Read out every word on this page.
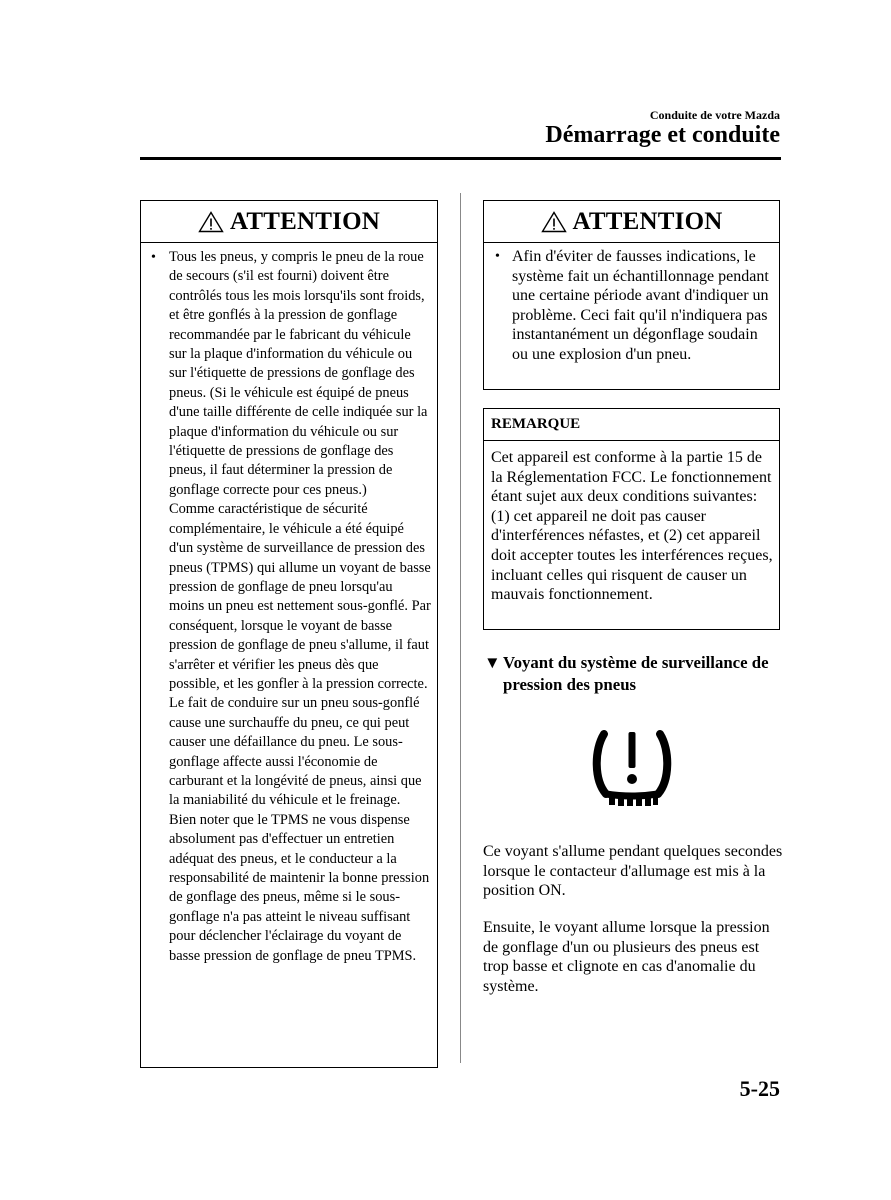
Conduite de votre Mazda
Démarrage et conduite
ATTENTION
• Tous les pneus, y compris le pneu de la roue de secours (s'il est fourni) doivent être contrôlés tous les mois lorsqu'ils sont froids, et être gonflés à la pression de gonflage recommandée par le fabricant du véhicule sur la plaque d'information du véhicule ou sur l'étiquette de pressions de gonflage des pneus. (Si le véhicule est équipé de pneus d'une taille différente de celle indiquée sur la plaque d'information du véhicule ou sur l'étiquette de pressions de gonflage des pneus, il faut déterminer la pression de gonflage correcte pour ces pneus.)
Comme caractéristique de sécurité complémentaire, le véhicule a été équipé d'un système de surveillance de pression des pneus (TPMS) qui allume un voyant de basse pression de gonflage de pneu lorsqu'au moins un pneu est nettement sous-gonflé. Par conséquent, lorsque le voyant de basse pression de gonflage de pneu s'allume, il faut s'arrêter et vérifier les pneus dès que possible, et les gonfler à la pression correcte. Le fait de conduire sur un pneu sous-gonflé cause une surchauffe du pneu, ce qui peut causer une défaillance du pneu. Le sous-gonflage affecte aussi l'économie de carburant et la longévité de pneus, ainsi que la maniabilité du véhicule et le freinage.
Bien noter que le TPMS ne vous dispense absolument pas d'effectuer un entretien adéquat des pneus, et le conducteur a la responsabilité de maintenir la bonne pression de gonflage des pneus, même si le sous-gonflage n'a pas atteint le niveau suffisant pour déclencher l'éclairage du voyant de basse pression de gonflage de pneu TPMS.
ATTENTION
• Afin d'éviter de fausses indications, le système fait un échantillonnage pendant une certaine période avant d'indiquer un problème. Ceci fait qu'il n'indiquera pas instantanément un dégonflage soudain ou une explosion d'un pneu.
REMARQUE
Cet appareil est conforme à la partie 15 de la Réglementation FCC. Le fonctionnement étant sujet aux deux conditions suivantes: (1) cet appareil ne doit pas causer d'interférences néfastes, et (2) cet appareil doit accepter toutes les interférences reçues, incluant celles qui risquent de causer un mauvais fonctionnement.
▼ Voyant du système de surveillance de pression des pneus
Ce voyant s'allume pendant quelques secondes lorsque le contacteur d'allumage est mis à la position ON.
Ensuite, le voyant allume lorsque la pression de gonflage d'un ou plusieurs des pneus est trop basse et clignote en cas d'anomalie du système.
5-25
